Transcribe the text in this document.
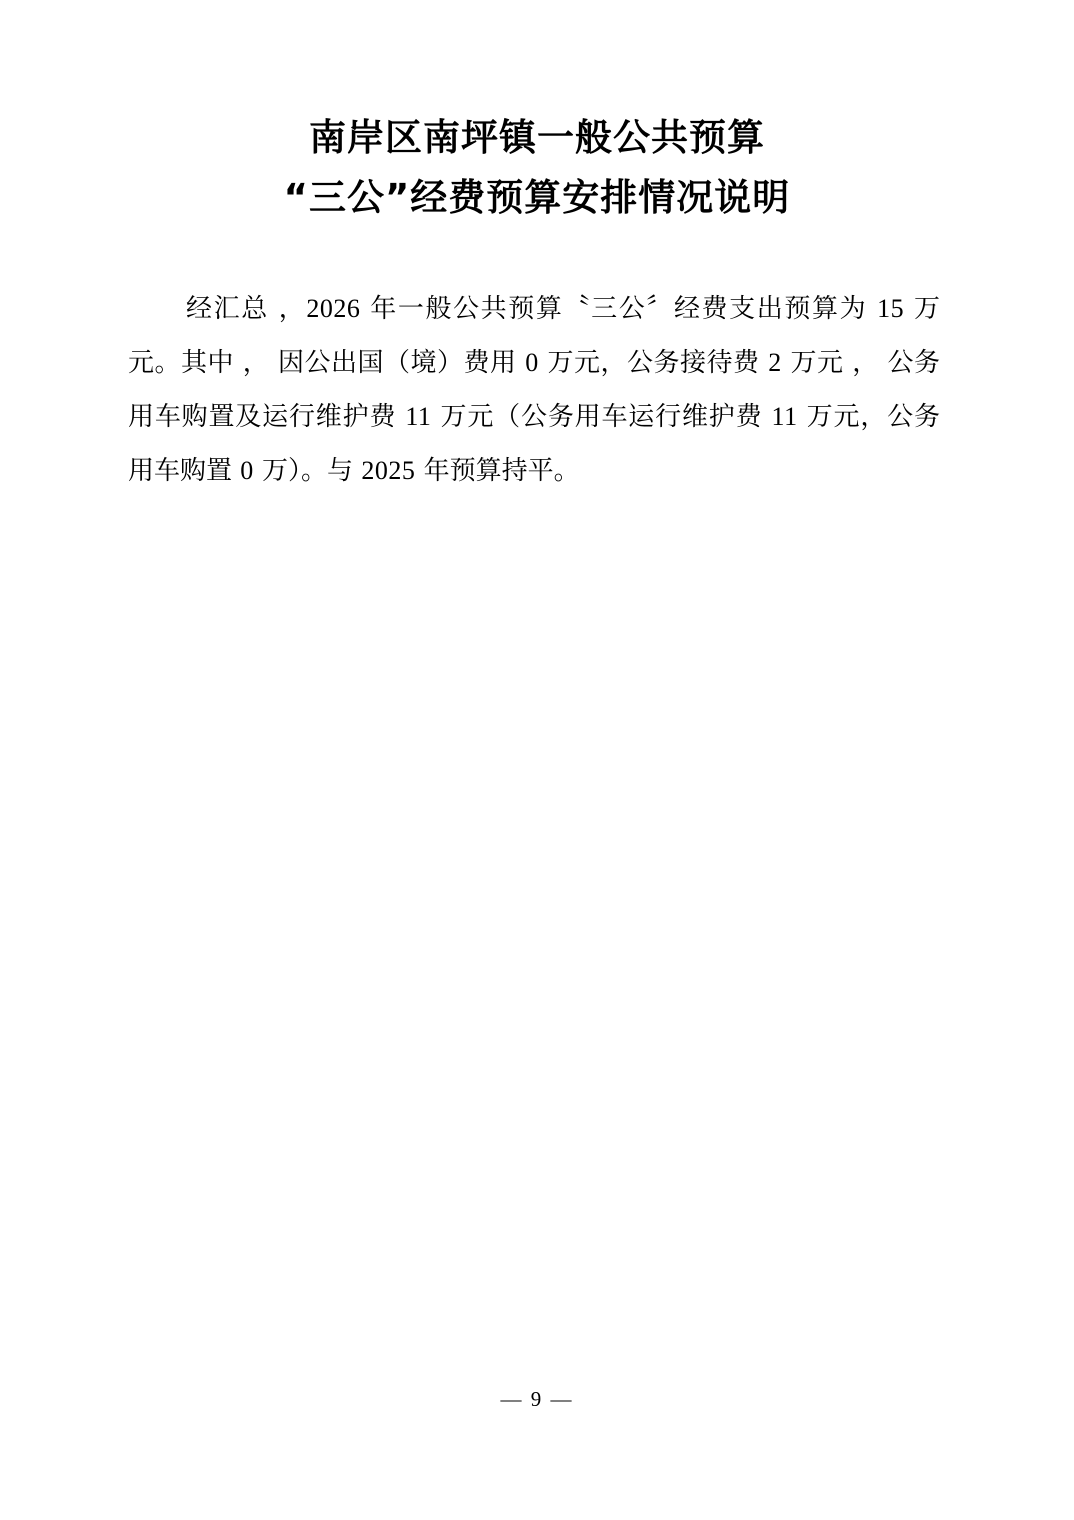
南岸区南坪镇一般公共预算
“三公”经费预算安排情况说明

经汇总 ，2026 年一般公共预算〝三公〞经费支出预算为 15 万元。其中 ， 因公出国（境）费用 0 万元，公务接待费 2 万元 ， 公务用车购置及运行维护费 11 万元（公务用车运行维护费 11 万元，公务用车购置 0 万）。与 2025 年预算持平。

— 9 —
